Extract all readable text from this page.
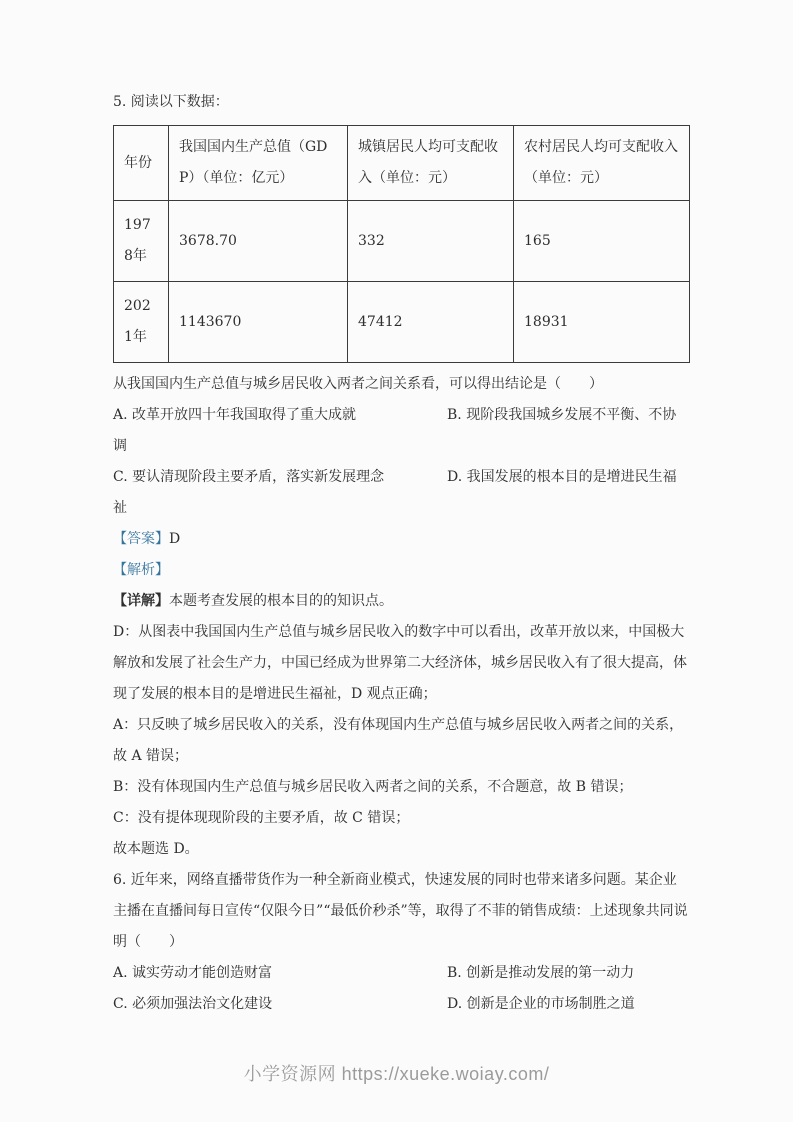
5. 阅读以下数据：

年份	我国国内生产总值（GDP）（单位：亿元）	城镇居民人均可支配收入（单位：元）	农村居民人均可支配收入（单位：元）
1978年	3678.70	332	165
2021年	1143670	47412	18931

从我国国内生产总值与城乡居民收入两者之间关系看，可以得出结论是（　　）

A. 改革开放四十年我国取得了重大成就	B. 现阶段我国城乡发展不平衡、不协调

C. 要认清现阶段主要矛盾，落实新发展理念	D. 我国发展的根本目的是增进民生福祉

【答案】D

【解析】

【详解】本题考查发展的根本目的的知识点。

D：从图表中我国国内生产总值与城乡居民收入的数字中可以看出，改革开放以来，中国极大解放和发展了社会生产力，中国已经成为世界第二大经济体，城乡居民收入有了很大提高，体现了发展的根本目的是增进民生福祉，D 观点正确；

A：只反映了城乡居民收入的关系，没有体现国内生产总值与城乡居民收入两者之间的关系，故 A 错误；

B：没有体现国内生产总值与城乡居民收入两者之间的关系，不合题意，故 B 错误；

C：没有提体现现阶段的主要矛盾，故 C 错误；

故本题选 D。

6. 近年来，网络直播带货作为一种全新商业模式，快速发展的同时也带来诸多问题。某企业主播在直播间每日宣传“仅限今日”“最低价秒杀”等，取得了不菲的销售成绩：上述现象共同说明（　　）

A. 诚实劳动才能创造财富	B. 创新是推动发展的第一动力

C. 必须加强法治文化建设	D. 创新是企业的市场制胜之道

小学资源网 https://xueke.woiay.com/
